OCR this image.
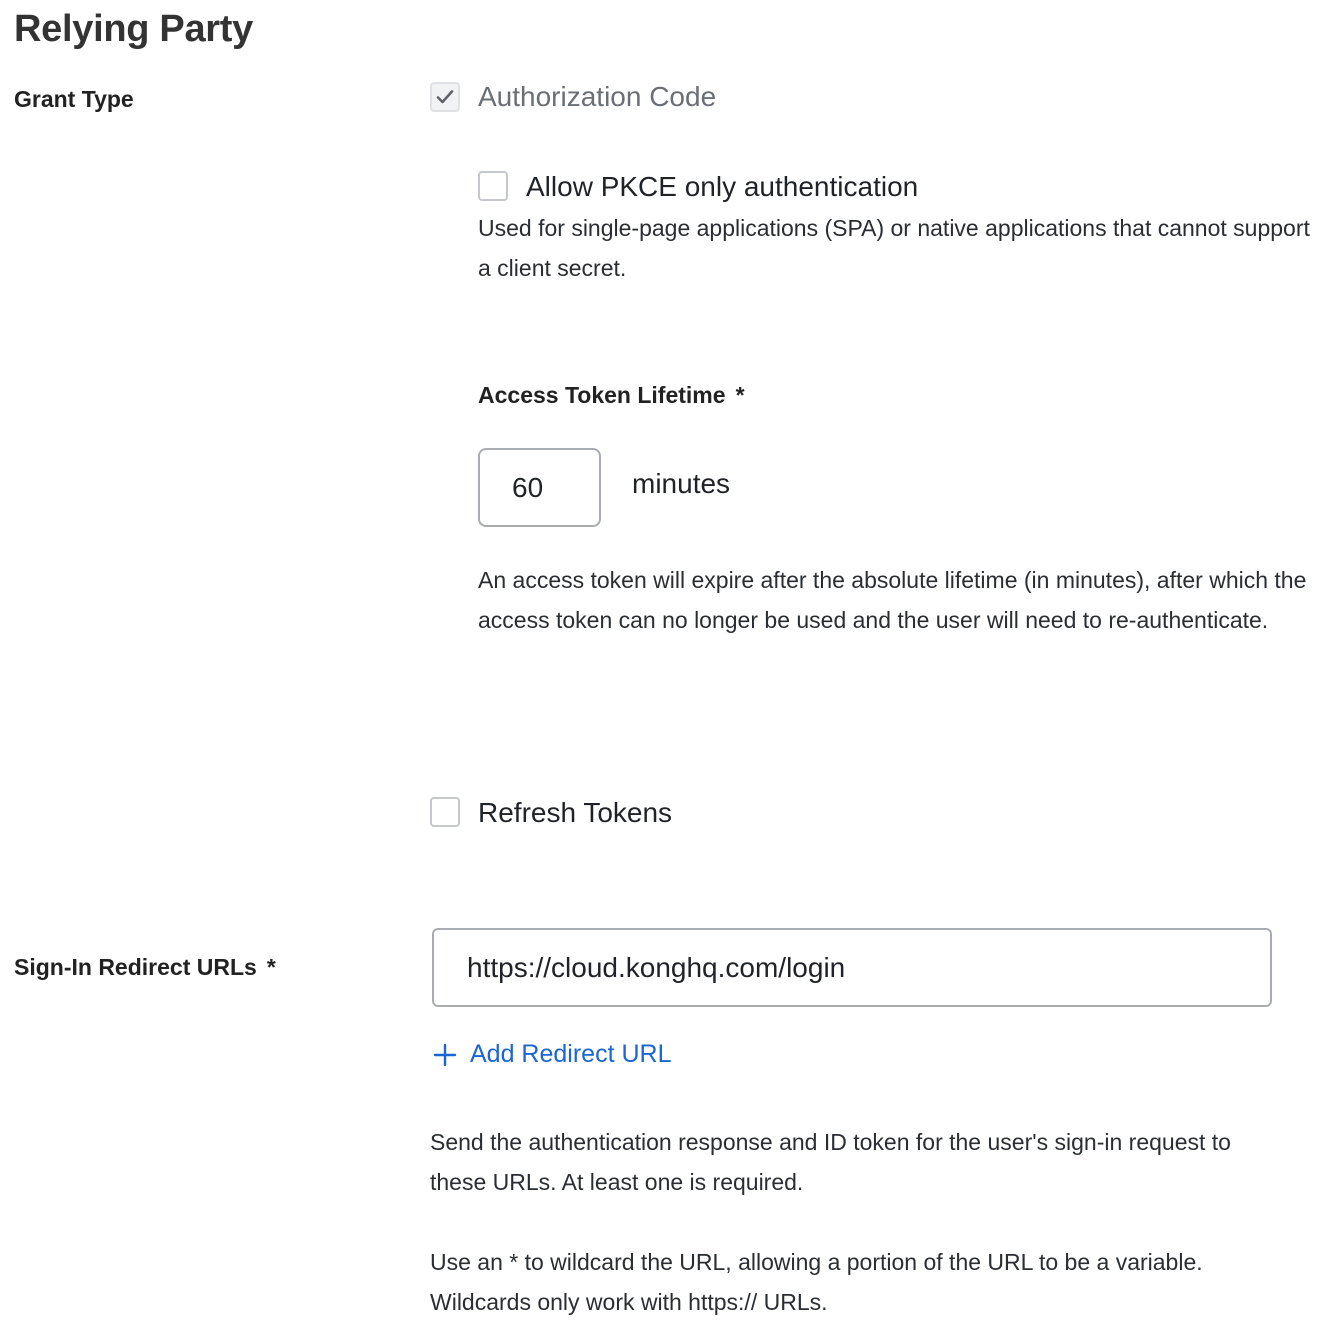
Relying Party
Grant Type	Authorization Code
Allow PKCE only authentication
Used for single-page applications (SPA) or native applications that cannot support a client secret.
Access Token Lifetime *
60
minutes
An access token will expire after the absolute lifetime (in minutes), after which the access token can no longer be used and the user will need to re-authenticate.
Refresh Tokens
Sign-In Redirect URLs *
https://cloud.konghq.com/login
Add Redirect URL
Send the authentication response and ID token for the user's sign-in request to these URLs. At least one is required.
Use an * to wildcard the URL, allowing a portion of the URL to be a variable. Wildcards only work with https:// URLs.
